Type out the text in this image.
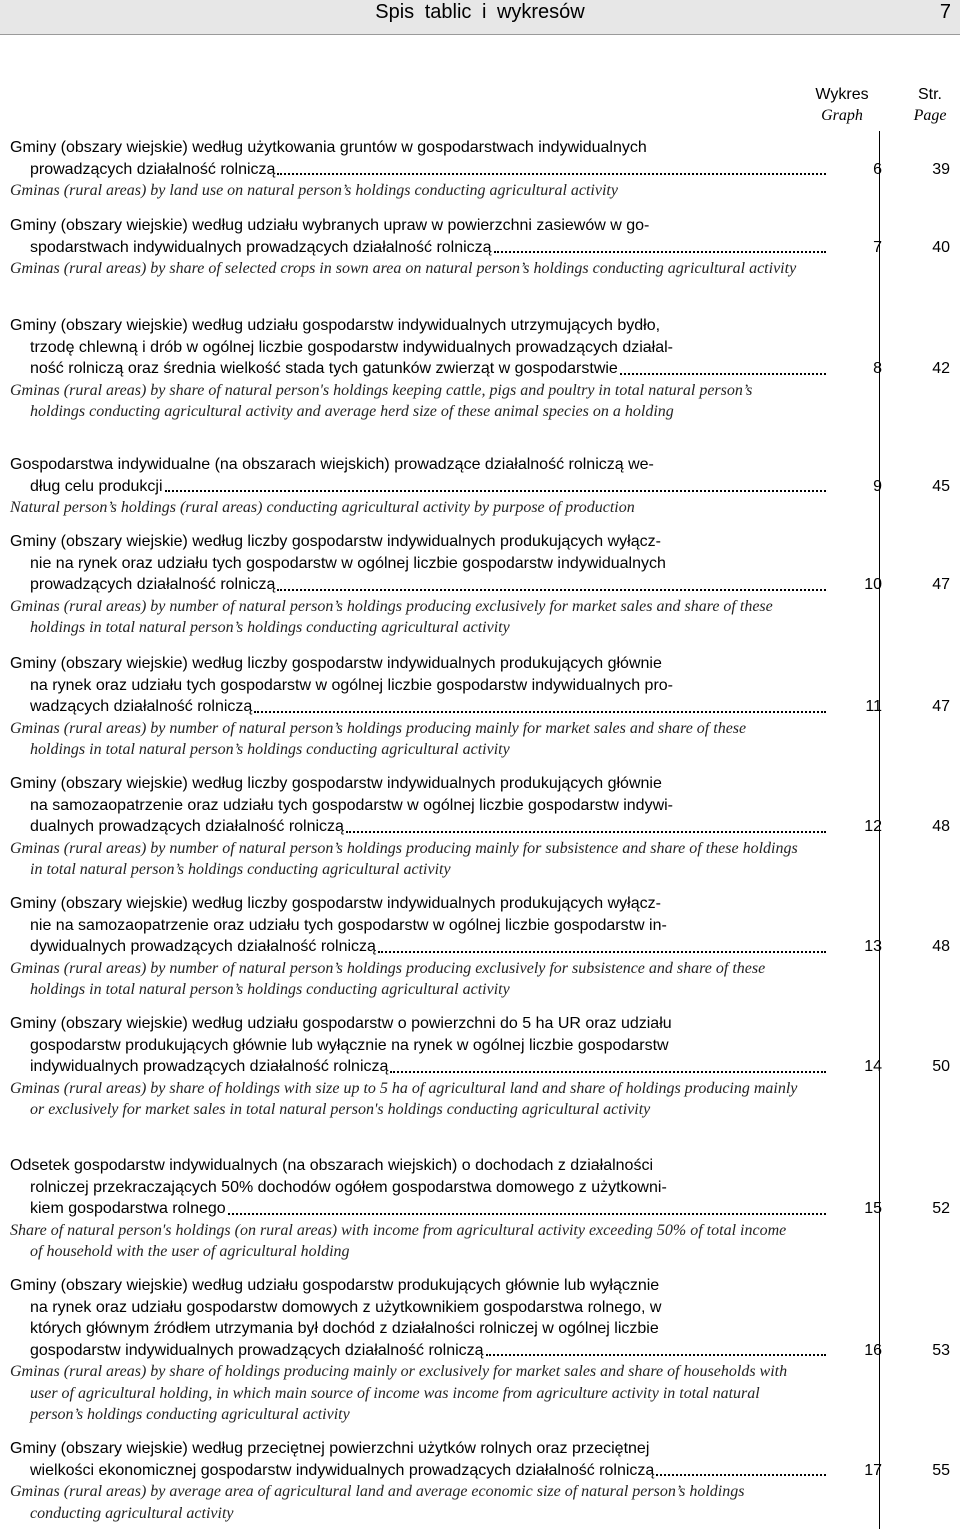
Spis tablic i wykresów	7
Wykres
Graph
Str.
Page
Gminy (obszary wiejskie) według użytkowania gruntów w gospodarstwach indywidualnych
prowadzących działalność rolniczą	6	39
Gminas (rural areas) by land use on natural person’s holdings conducting agricultural activity
Gminy (obszary wiejskie) według udziału wybranych upraw w powierzchni zasiewów w go-
spodarstwach indywidualnych prowadzących działalność rolniczą	7	40
Gminas (rural areas) by share of selected crops in sown area on natural person’s holdings conducting agricultural activity
Gminy (obszary wiejskie) według udziału gospodarstw indywidualnych utrzymujących bydło,
trzodę chlewną i drób w ogólnej liczbie gospodarstw indywidualnych prowadzących działal-
ność rolniczą oraz średnia wielkość stada tych gatunków zwierząt w gospodarstwie	8	42
Gminas (rural areas) by share of natural person's holdings keeping cattle, pigs and poultry in total natural person’s holdings conducting agricultural activity and average herd size of these animal species on a holding
Gospodarstwa indywidualne (na obszarach wiejskich) prowadzące działalność rolniczą we-
dług celu produkcji	9	45
Natural person’s holdings (rural areas) conducting agricultural activity by purpose of production
Gminy (obszary wiejskie) według liczby gospodarstw indywidualnych produkujących wyłącz-
nie na rynek oraz udziału tych gospodarstw w ogólnej liczbie gospodarstw indywidualnych
prowadzących działalność rolniczą	10	47
Gminas (rural areas) by number of natural person’s holdings producing exclusively for market sales and share of these holdings in total natural person’s holdings conducting agricultural activity
Gminy (obszary wiejskie) według liczby gospodarstw indywidualnych produkujących głównie
na rynek oraz udziału tych gospodarstw w ogólnej liczbie gospodarstw indywidualnych pro-
wadzących działalność rolniczą	11	47
Gminas (rural areas) by number of natural person’s holdings producing mainly for market sales and share of these holdings in total natural person’s holdings conducting agricultural activity
Gminy (obszary wiejskie) według liczby gospodarstw indywidualnych produkujących głównie
na samozaopatrzenie oraz udziału tych gospodarstw w ogólnej liczbie gospodarstw indywi-
dualnych prowadzących działalność rolniczą	12	48
Gminas (rural areas) by number of natural person’s holdings producing mainly for subsistence and share of these holdings in total natural person’s holdings conducting agricultural activity
Gminy (obszary wiejskie) według liczby gospodarstw indywidualnych produkujących wyłącz-
nie na samozaopatrzenie oraz udziału tych gospodarstw w ogólnej liczbie gospodarstw in-
dywidualnych prowadzących działalność rolniczą	13	48
Gminas (rural areas) by number of natural person’s holdings producing exclusively for subsistence and share of these holdings in total natural person’s holdings conducting agricultural activity
Gminy (obszary wiejskie) według udziału gospodarstw o powierzchni do 5 ha UR oraz udziału
gospodarstw produkujących głównie lub wyłącznie na rynek w ogólnej liczbie gospodarstw
indywidualnych prowadzących działalność rolniczą	14	50
Gminas (rural areas) by share of holdings with size up to 5 ha of agricultural land and share of holdings producing mainly or exclusively for market sales in total natural person's holdings conducting agricultural activity
Odsetek gospodarstw indywidualnych (na obszarach wiejskich) o dochodach z działalności
rolniczej przekraczających 50% dochodów ogółem gospodarstwa domowego z użytkowni-
kiem gospodarstwa rolnego	15	52
Share of natural person's holdings (on rural areas) with income from agricultural activity exceeding 50% of total income of household with the user of agricultural holding
Gminy (obszary wiejskie) według udziału gospodarstw produkujących głównie lub wyłącznie
na rynek oraz udziału gospodarstw domowych z użytkownikiem gospodarstwa rolnego, w
których głównym źródłem utrzymania był dochód z działalności rolniczej w ogólnej liczbie
gospodarstw indywidualnych prowadzących działalność rolniczą	16	53
Gminas (rural areas) by share of holdings producing mainly or exclusively for market sales and share of households with user of agricultural holding, in which main source of income was income from agriculture activity in total natural person’s holdings conducting agricultural activity
Gminy (obszary wiejskie) według przeciętnej powierzchni użytków rolnych oraz przeciętnej
wielkości ekonomicznej gospodarstw indywidualnych prowadzących działalność rolniczą	17	55
Gminas (rural areas) by average area of agricultural land and average economic size of natural person’s holdings conducting agricultural activity
